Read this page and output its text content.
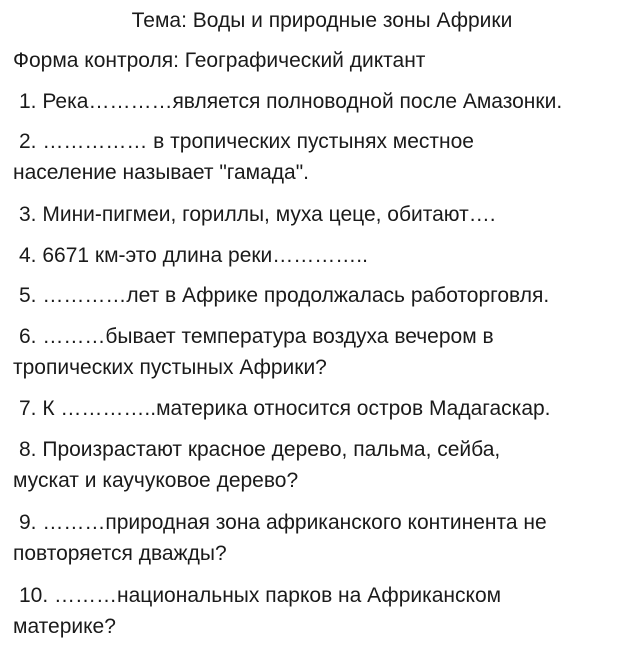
Тема: Воды и природные зоны Африки
Форма контроля: Географический диктант
1. Река…………является полноводной после Амазонки.
2. …………… в тропических пустынях местное
население называет "гамада".
3. Мини-пигмеи, гориллы, муха цеце, обитают….
4. 6671 км-это длина реки…………..
5. …………лет в Африке продолжалась работорговля.
6. ………бывает температура воздуха вечером в
тропических пустыных Африки?
7. К …………..материка относится остров Мадагаскар.
8. Произрастают красное дерево, пальма, сейба,
мускат и каучуковое дерево?
9. ………природная зона африканского континента не
повторяется дважды?
10. ………национальных парков на Африканском
материке?
